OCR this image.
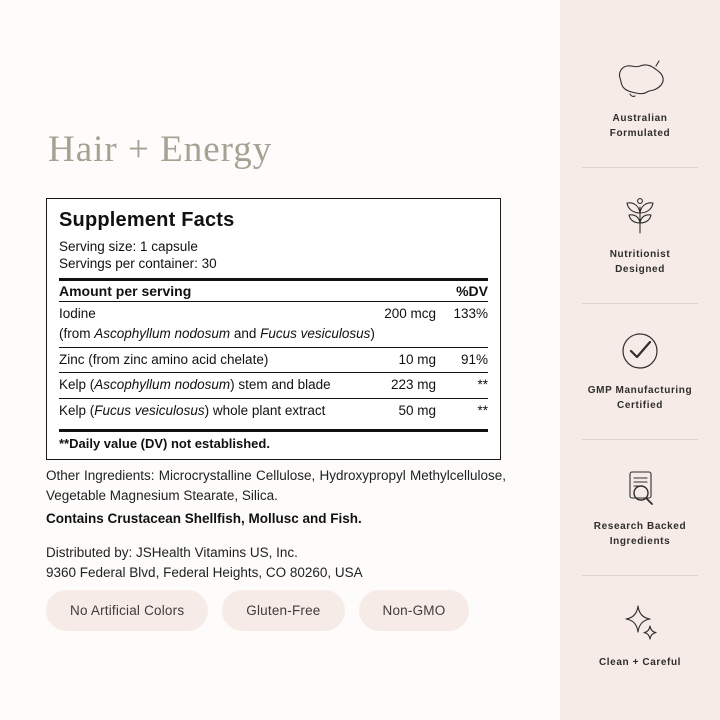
Hair + Energy
Supplement Facts
Serving size: 1 capsule
Servings per container: 30
Amount per serving	%DV
Iodine	200 mcg	133%
(from Ascophyllum nodosum and Fucus vesiculosus)
Zinc (from zinc amino acid chelate)	10 mg	91%
Kelp (Ascophyllum nodosum) stem and blade	223 mg	**
Kelp (Fucus vesiculosus) whole plant extract	50 mg	**
**Daily value (DV) not established.
Other Ingredients: Microcrystalline Cellulose, Hydroxypropyl Methylcellulose, Vegetable Magnesium Stearate, Silica.
Contains Crustacean Shellfish, Mollusc and Fish.
Distributed by: JSHealth Vitamins US, Inc.
9360 Federal Blvd, Federal Heights, CO 80260, USA
No Artificial Colors	Gluten-Free	Non-GMO
Australian
Formulated
Nutritionist
Designed
GMP Manufacturing
Certified
Research Backed
Ingredients
Clean + Careful
